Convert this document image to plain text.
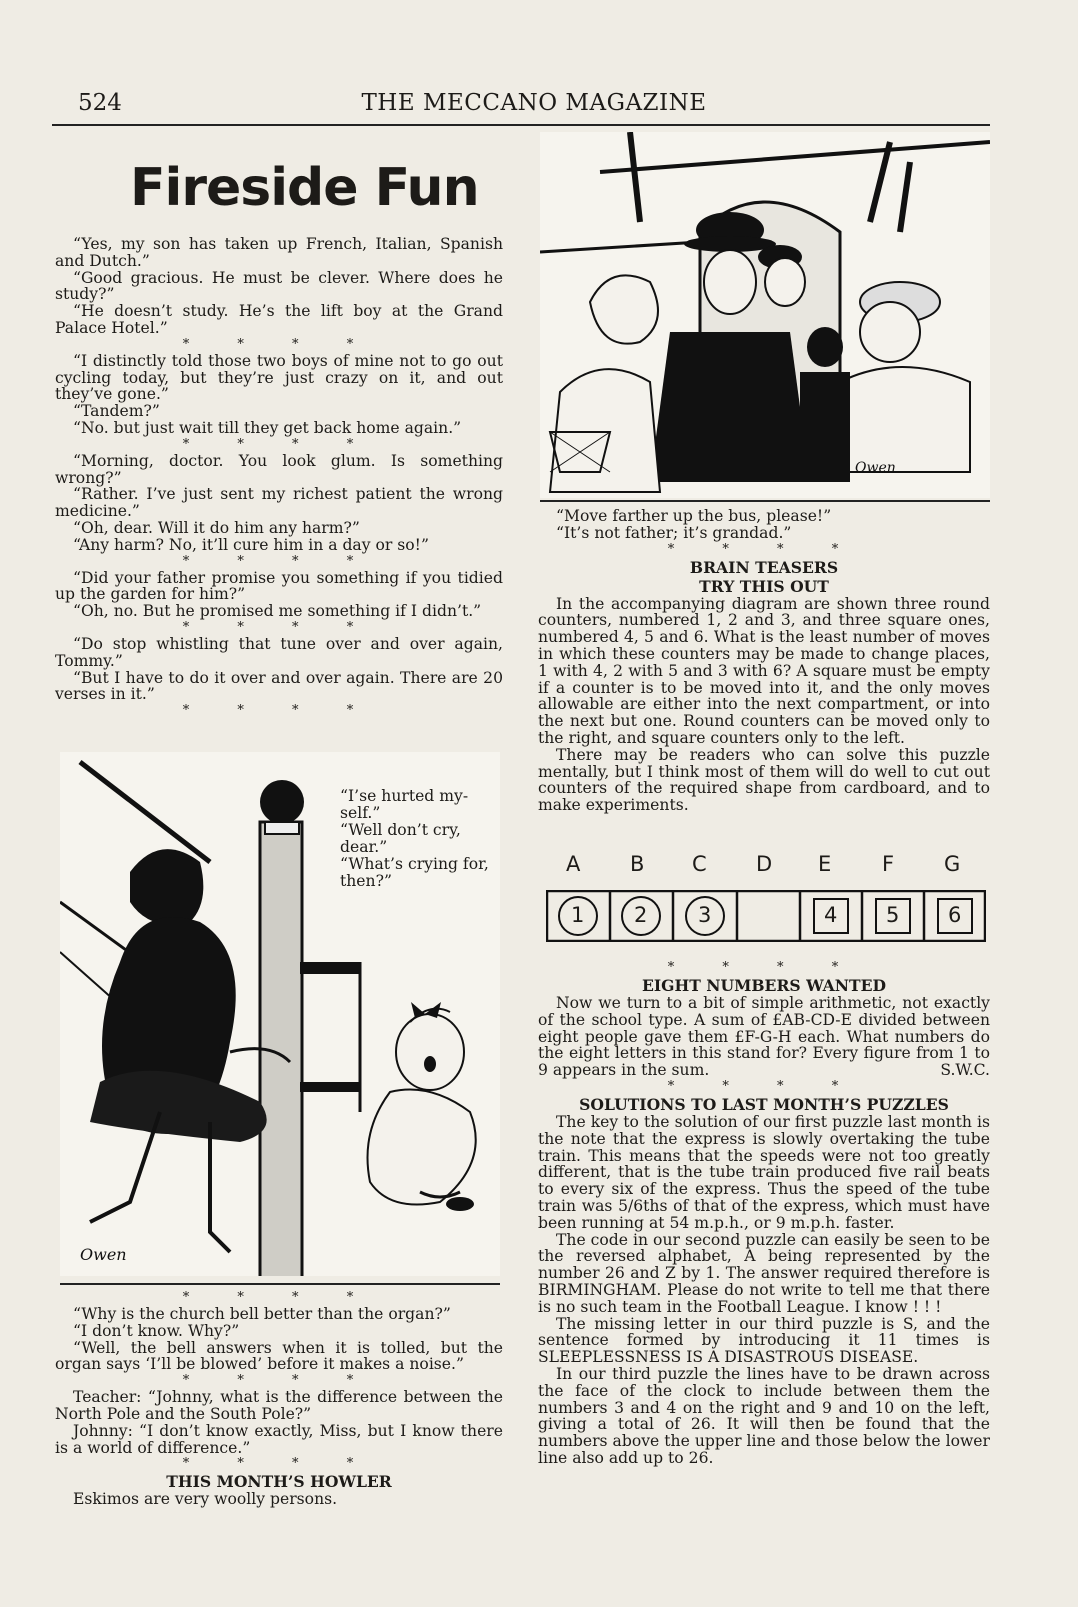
524	THE MECCANO MAGAZINE
Fireside Fun

“Yes, my son has taken up French, Italian, Spanish and Dutch.”

“Good gracious. He must be clever. Where does he study?”

“He doesn’t study. He’s the lift boy at the Grand Palace Hotel.”

* * * *

“I distinctly told those two boys of mine not to go out cycling today, but they’re just crazy on it, and out they’ve gone.”

“Tandem?”

“No. but just wait till they get back home again.”

* * * *

“Morning, doctor. You look glum. Is something wrong?”

“Rather. I’ve just sent my richest patient the wrong medicine.”

“Oh, dear. Will it do him any harm?”

“Any harm? No, it’ll cure him in a day or so!”

* * * *

“Did your father promise you something if you tidied up the garden for him?”

“Oh, no. But he promised me something if I didn’t.”

* * * *

“Do stop whistling that tune over and over again, Tommy.”

“But I have to do it over and over again. There are 20 verses in it.”

* * * *
Owen

“I’se hurted my-self.”

“Well don’t cry, dear.”

“What’s crying for, then?”

* * * *

“Why is the church bell better than the organ?”

“I don’t know. Why?”

“Well, the bell answers when it is tolled, but the organ says ‘I’ll be blowed’ before it makes a noise.”

* * * *

Teacher: “Johnny, what is the difference between the North Pole and the South Pole?”

Johnny: “I don’t know exactly, Miss, but I know there is a world of difference.”

* * * *
THIS MONTH’S HOWLER

Eskimos are very woolly persons.

Owen

“Move farther up the bus, please!”

“It’s not father; it’s grandad.”

* * * *
BRAIN TEASERS
TRY THIS OUT

In the accompanying diagram are shown three round counters, numbered 1, 2 and 3, and three square ones, numbered 4, 5 and 6. What is the least number of moves in which these counters may be made to change places, 1 with 4, 2 with 5 and 3 with 6? A square must be empty if a counter is to be moved into it, and the only moves allowable are either into the next compartment, or into the next but one. Round counters can be moved only to the right, and square counters only to the left.

There may be readers who can solve this puzzle mentally, but I think most of them will do well to cut out counters of the required shape from cardboard, and to make experiments.

A B C D E F G
1 2 3	4 5 6
* * * *
EIGHT NUMBERS WANTED

Now we turn to a bit of simple arithmetic, not exactly of the school type. A sum of £AB-CD-E divided between eight people gave them £F-G-H each. What numbers do the eight letters in this stand for? Every figure from 1 to 9 appears in the sum.	S.W.C.

* * * *
SOLUTIONS TO LAST MONTH’S PUZZLES

The key to the solution of our first puzzle last month is the note that the express is slowly overtaking the tube train. This means that the speeds were not too greatly different, that is the tube train produced five rail beats to every six of the express. Thus the speed of the tube train was 5/6ths of that of the express, which must have been running at 54 m.p.h., or 9 m.p.h. faster.

The code in our second puzzle can easily be seen to be the reversed alphabet, A being represented by the number 26 and Z by 1. The answer required therefore is BIRMINGHAM. Please do not write to tell me that there is no such team in the Football League. I know ! ! !

The missing letter in our third puzzle is S, and the sentence formed by introducing it 11 times is SLEEPLESSNESS IS A DISASTROUS DISEASE.

In our third puzzle the lines have to be drawn across the face of the clock to include between them the numbers 3 and 4 on the right and 9 and 10 on the left, giving a total of 26. It will then be found that the numbers above the upper line and those below the lower line also add up to 26.
